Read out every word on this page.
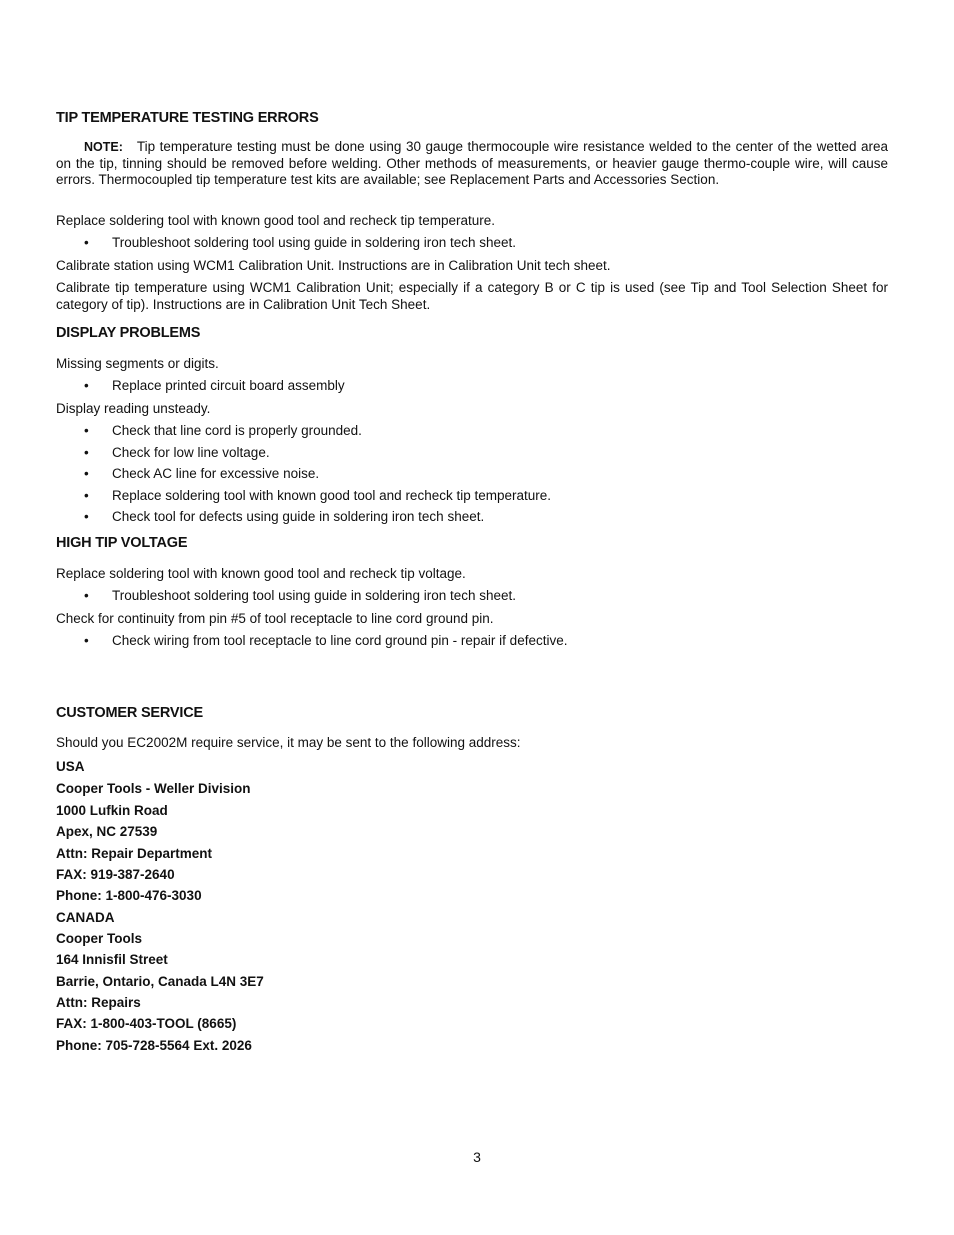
TIP TEMPERATURE TESTING ERRORS
NOTE: Tip temperature testing must be done using 30 gauge thermocouple wire resistance welded to the center of the wetted area on the tip, tinning should be removed before welding. Other methods of measurements, or heavier gauge thermo-couple wire, will cause errors. Thermocoupled tip temperature test kits are available; see Replacement Parts and Accessories Section.
Replace soldering tool with known good tool and recheck tip temperature.
• Troubleshoot soldering tool using guide in soldering iron tech sheet.
Calibrate station using WCM1 Calibration Unit. Instructions are in Calibration Unit tech sheet.
Calibrate tip temperature using WCM1 Calibration Unit; especially if a category B or C tip is used (see Tip and Tool Selection Sheet for category of tip). Instructions are in Calibration Unit Tech Sheet.
DISPLAY PROBLEMS
Missing segments or digits.
• Replace printed circuit board assembly
Display reading unsteady.
• Check that line cord is properly grounded.
• Check for low line voltage.
• Check AC line for excessive noise.
• Replace soldering tool with known good tool and recheck tip temperature.
• Check tool for defects using guide in soldering iron tech sheet.
HIGH TIP VOLTAGE
Replace soldering tool with known good tool and recheck tip voltage.
• Troubleshoot soldering tool using guide in soldering iron tech sheet.
Check for continuity from pin #5 of tool receptacle to line cord ground pin.
• Check wiring from tool receptacle to line cord ground pin - repair if defective.
CUSTOMER SERVICE
Should you EC2002M require service, it may be sent to the following address:
USA
Cooper Tools - Weller Division
1000 Lufkin Road
Apex, NC 27539
Attn: Repair Department
FAX: 919-387-2640
Phone: 1-800-476-3030
CANADA
Cooper Tools
164 Innisfil Street
Barrie, Ontario, Canada L4N 3E7
Attn: Repairs
FAX: 1-800-403-TOOL (8665)
Phone: 705-728-5564 Ext. 2026
3
